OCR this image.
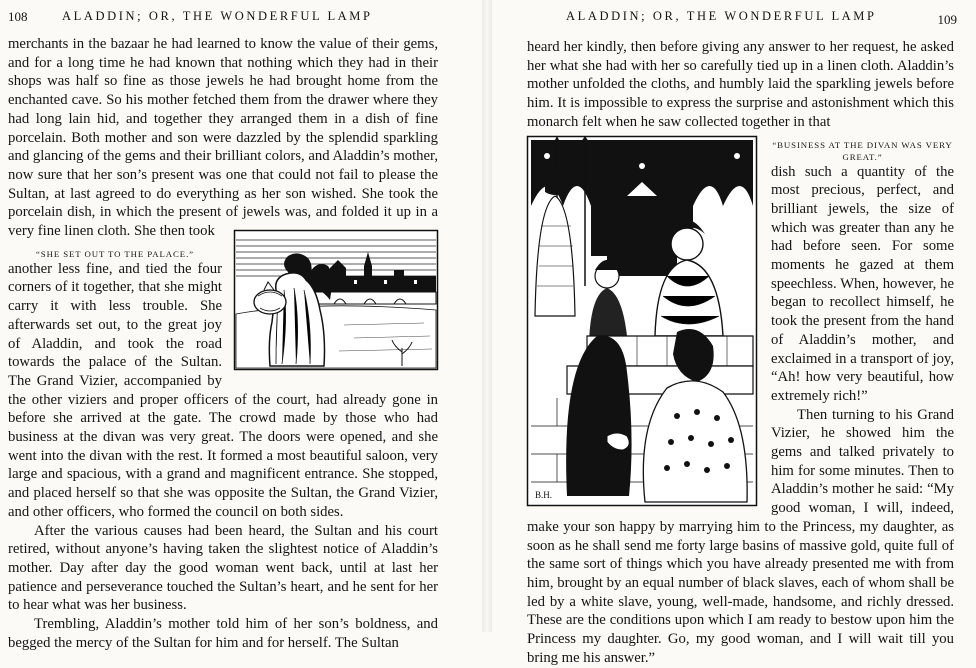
108	ALADDIN; OR, THE WONDERFUL LAMP

merchants in the bazaar he had learned to know the value of their gems, and for a long time he had known that nothing which they had in their shops was half so fine as those jewels he had brought home from the enchanted cave. So his mother fetched them from the drawer where they had long lain hid, and together they arranged them in a dish of fine porcelain. Both mother and son were dazzled by the splendid sparkling and glancing of the gems and their brilliant colors, and Aladdin’s mother, now sure that her son’s present was one that could not fail to please the Sultan, at last agreed to do everything as her son wished. She took the porcelain dish, in which the present of jewels was, and folded it up in a very fine linen cloth. She then took

“SHE SET OUT TO THE PALACE.”
another less fine, and tied the four corners of it together, that she might carry it with less trouble. She afterwards set out, to the great joy of Aladdin, and took the road towards the palace of the Sultan. The Grand Vizier, accompanied by the other viziers and proper officers of the court, had already gone in before she arrived at the gate. The crowd made by those who had business at the divan was very great. The doors were opened, and she went into the divan with the rest. It formed a most beautiful saloon, very large and spacious, with a grand and magnificent entrance. She stopped, and placed herself so that she was opposite the Sultan, the Grand Vizier, and other officers, who formed the council on both sides.

After the various causes had been heard, the Sultan and his court retired, without anyone’s having taken the slightest notice of Aladdin’s mother. Day after day the good woman went back, until at last her patience and perseverance touched the Sultan’s heart, and he sent for her to hear what was her business.

Trembling, Aladdin’s mother told him of her son’s boldness, and begged the mercy of the Sultan for him and for herself. The Sultan

ALADDIN; OR, THE WONDERFUL LAMP	109

heard her kindly, then before giving any answer to her request, he asked her what she had with her so carefully tied up in a linen cloth. Aladdin’s mother unfolded the cloths, and humbly laid the sparkling jewels before him. It is impossible to express the surprise and astonishment which this monarch felt when he saw collected together in that
B.H.

“BUSINESS AT THE DIVAN WAS VERY GREAT.”
dish such a quantity of the most precious, perfect, and brilliant jewels, the size of which was greater than any he had before seen. For some moments he gazed at them speechless. When, however, he began to recollect himself, he took the present from the hand of Aladdin’s mother, and exclaimed in a transport of joy, “Ah! how very beautiful, how extremely rich!”

Then turning to his Grand Vizier, he showed him the gems and talked privately to him for some minutes. Then to Aladdin’s mother he said: “My good woman, I will, indeed, make your son happy by marrying him to the Princess, my daughter, as soon as he shall send me forty large basins of massive gold, quite full of the same sort of things which you have already presented me with from him, brought by an equal number of black slaves, each of whom shall be led by a white slave, young, well-made, handsome, and richly dressed. These are the conditions upon which I am ready to bestow upon him the Princess my daughter. Go, my good woman, and I will wait till you bring me his answer.”
